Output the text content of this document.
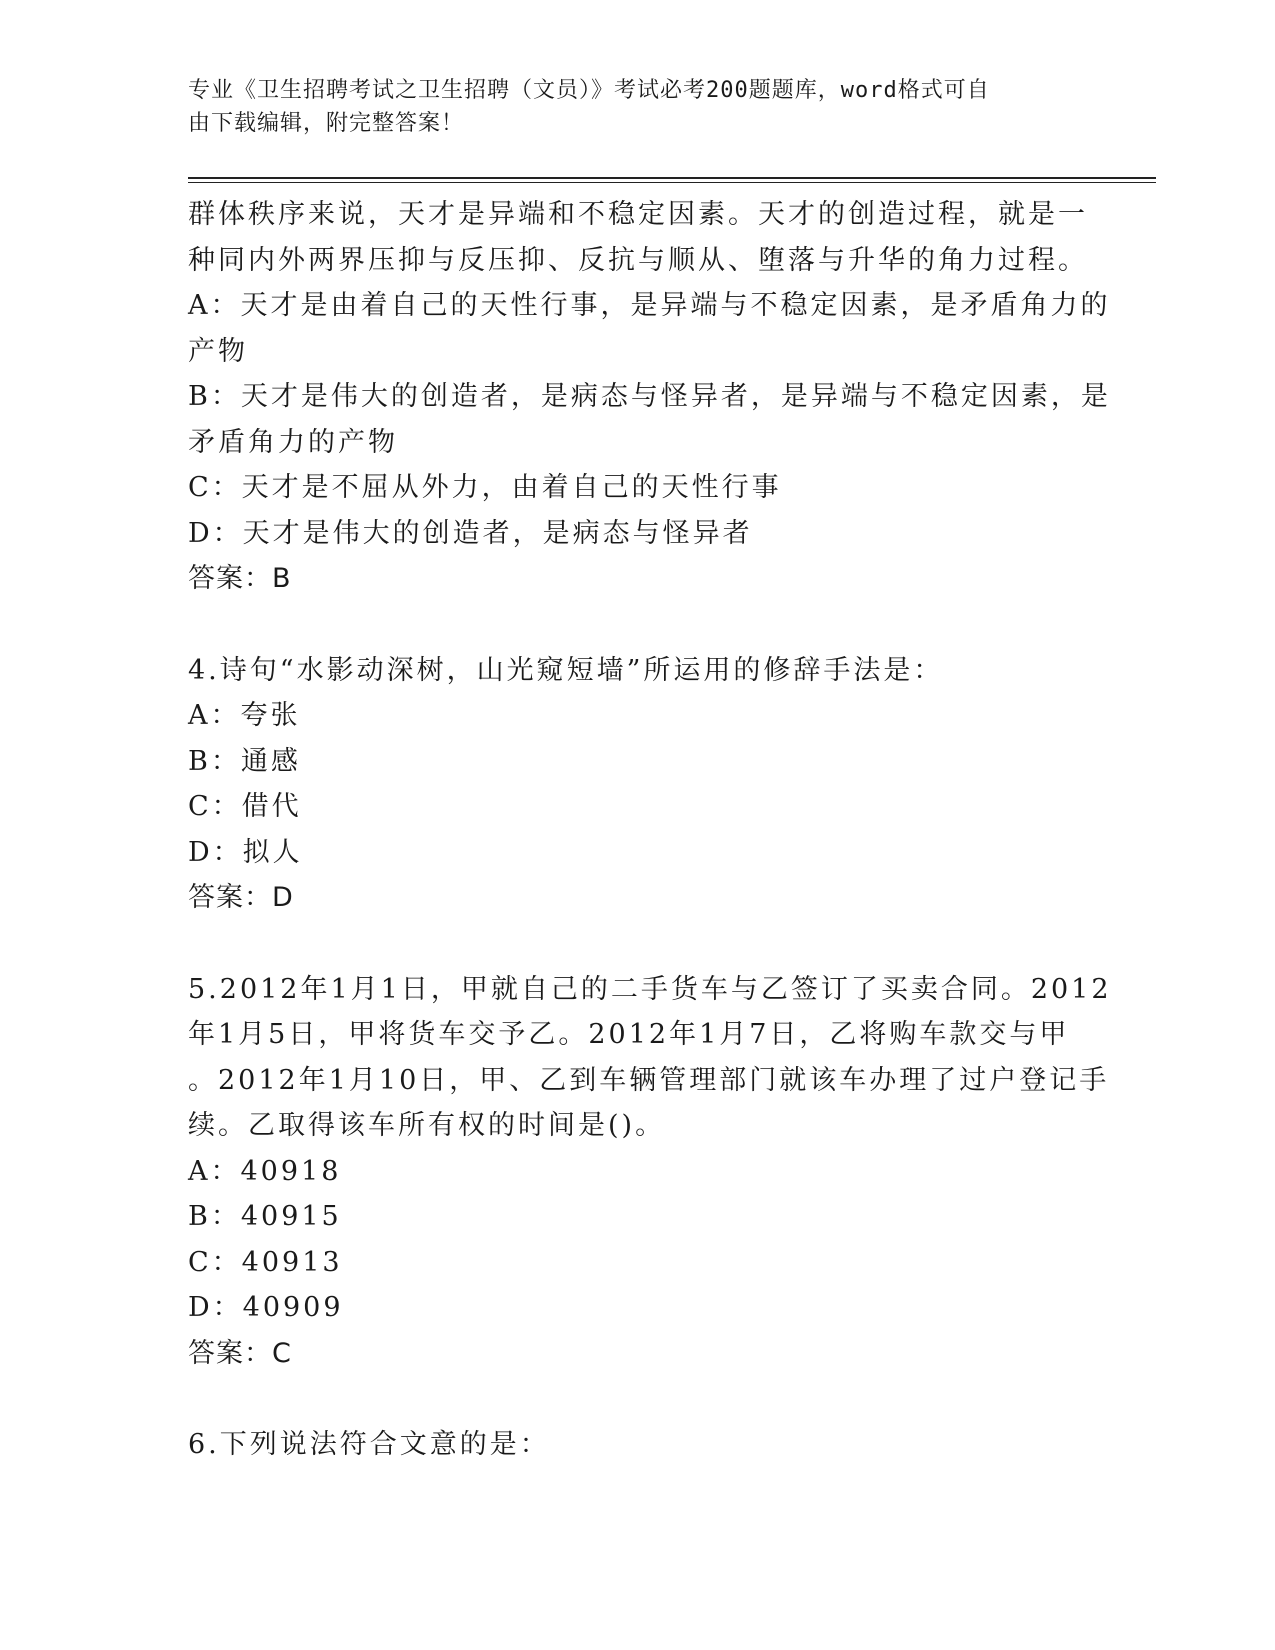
专业《卫生招聘考试之卫生招聘（文员）》考试必考200题题库，word格式可自
由下载编辑，附完整答案！
群体秩序来说，天才是异端和不稳定因素。天才的创造过程，就是一
种同内外两界压抑与反压抑、反抗与顺从、堕落与升华的角力过程。
A：天才是由着自己的天性行事，是异端与不稳定因素，是矛盾角力的
产物
B：天才是伟大的创造者，是病态与怪异者，是异端与不稳定因素，是
矛盾角力的产物
C：天才是不屈从外力，由着自己的天性行事
D：天才是伟大的创造者，是病态与怪异者
答案：B
4.诗句“水影动深树，山光窥短墙”所运用的修辞手法是：
A：夸张
B：通感
C：借代
D：拟人
答案：D
5.2012年1月1日，甲就自己的二手货车与乙签订了买卖合同。2012
年1月5日，甲将货车交予乙。2012年1月7日，乙将购车款交与甲
。2012年1月10日，甲、乙到车辆管理部门就该车办理了过户登记手
续。乙取得该车所有权的时间是()。
A：40918
B：40915
C：40913
D：40909
答案：C
6.下列说法符合文意的是：
